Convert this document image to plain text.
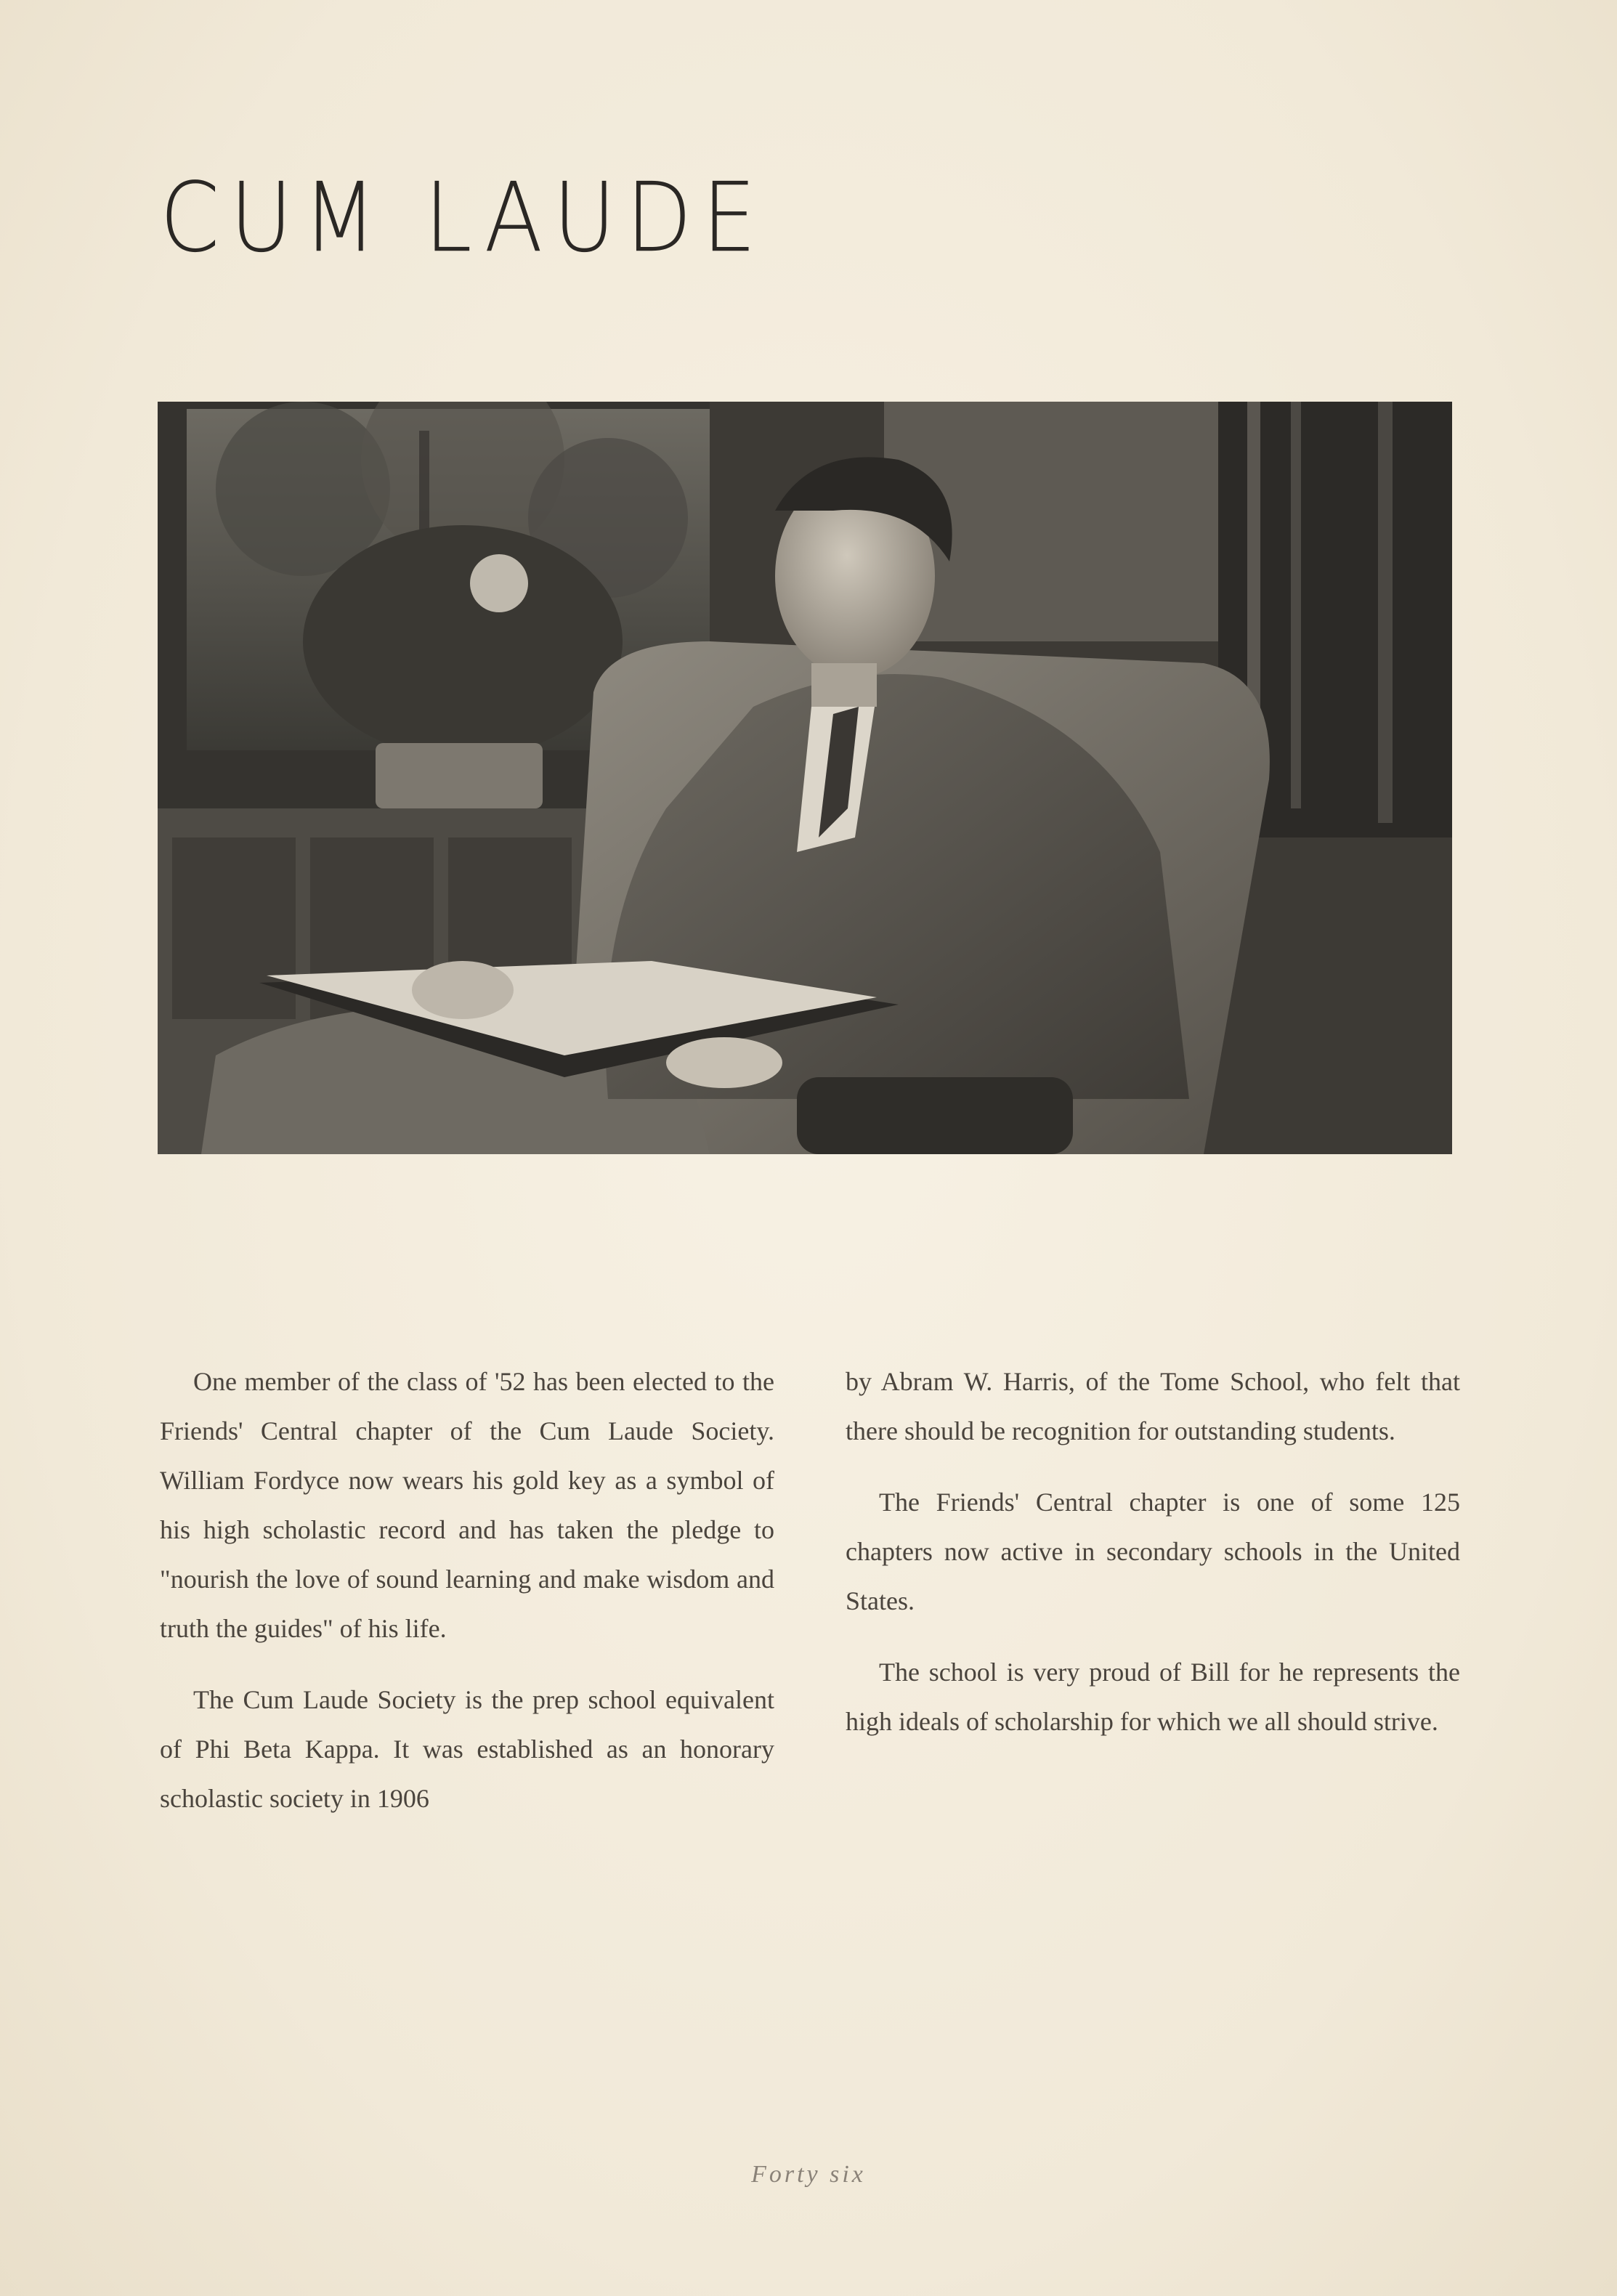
CUM LAUDE

One member of the class of '52 has been elected to the Friends' Central chapter of the Cum Laude Society. William Fordyce now wears his gold key as a symbol of his high scholastic record and has taken the pledge to "nourish the love of sound learning and make wisdom and truth the guides" of his life.

The Cum Laude Society is the prep school equivalent of Phi Beta Kappa. It was established as an honorary scholastic society in 1906

by Abram W. Harris, of the Tome School, who felt that there should be recognition for outstanding students.

The Friends' Central chapter is one of some 125 chapters now active in secondary schools in the United States.

The school is very proud of Bill for he represents the high ideals of scholarship for which we all should strive.

Forty six
